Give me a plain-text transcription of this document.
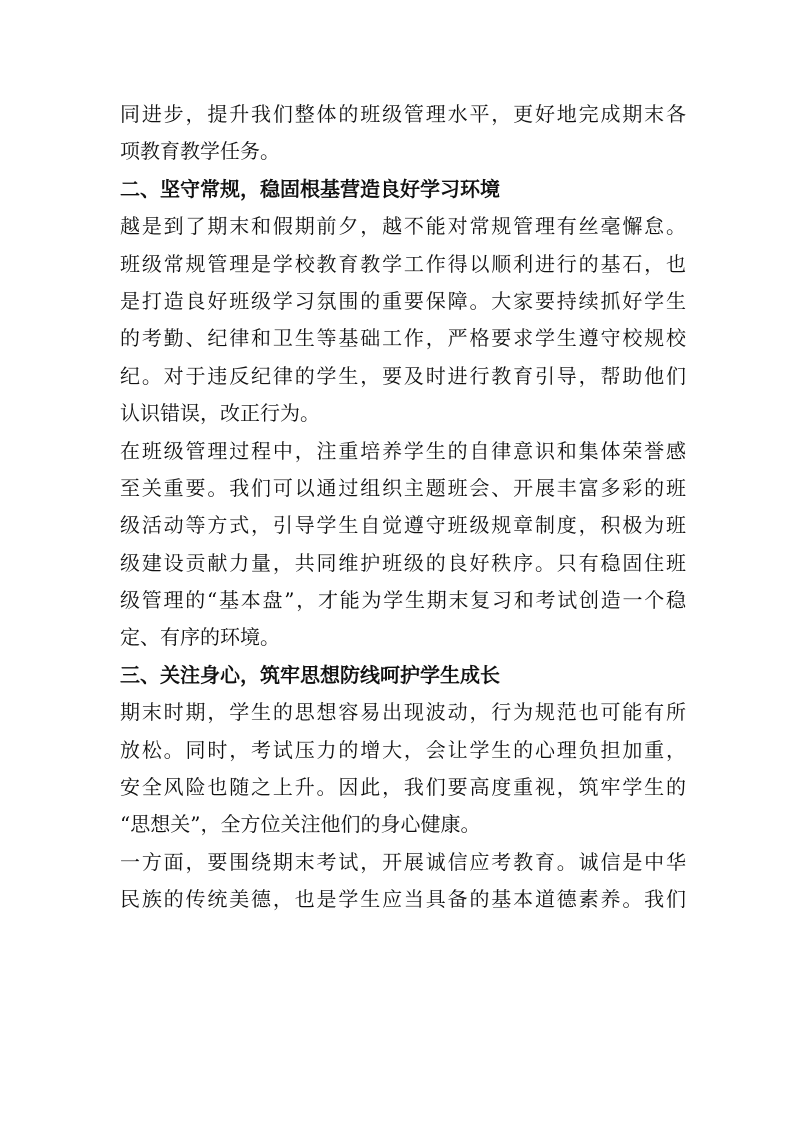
同进步，提升我们整体的班级管理水平，更好地完成期末各
项教育教学任务。
二、坚守常规，稳固根基营造良好学习环境
越是到了期末和假期前夕，越不能对常规管理有丝毫懈怠。
班级常规管理是学校教育教学工作得以顺利进行的基石，也
是打造良好班级学习氛围的重要保障。大家要持续抓好学生
的考勤、纪律和卫生等基础工作，严格要求学生遵守校规校
纪。对于违反纪律的学生，要及时进行教育引导，帮助他们
认识错误，改正行为。
在班级管理过程中，注重培养学生的自律意识和集体荣誉感
至关重要。我们可以通过组织主题班会、开展丰富多彩的班
级活动等方式，引导学生自觉遵守班级规章制度，积极为班
级建设贡献力量，共同维护班级的良好秩序。只有稳固住班
级管理的“基本盘”，才能为学生期末复习和考试创造一个稳
定、有序的环境。
三、关注身心，筑牢思想防线呵护学生成长
期末时期，学生的思想容易出现波动，行为规范也可能有所
放松。同时，考试压力的增大，会让学生的心理负担加重，
安全风险也随之上升。因此，我们要高度重视，筑牢学生的
“思想关”，全方位关注他们的身心健康。
一方面，要围绕期末考试，开展诚信应考教育。诚信是中华
民族的传统美德，也是学生应当具备的基本道德素养。我们
